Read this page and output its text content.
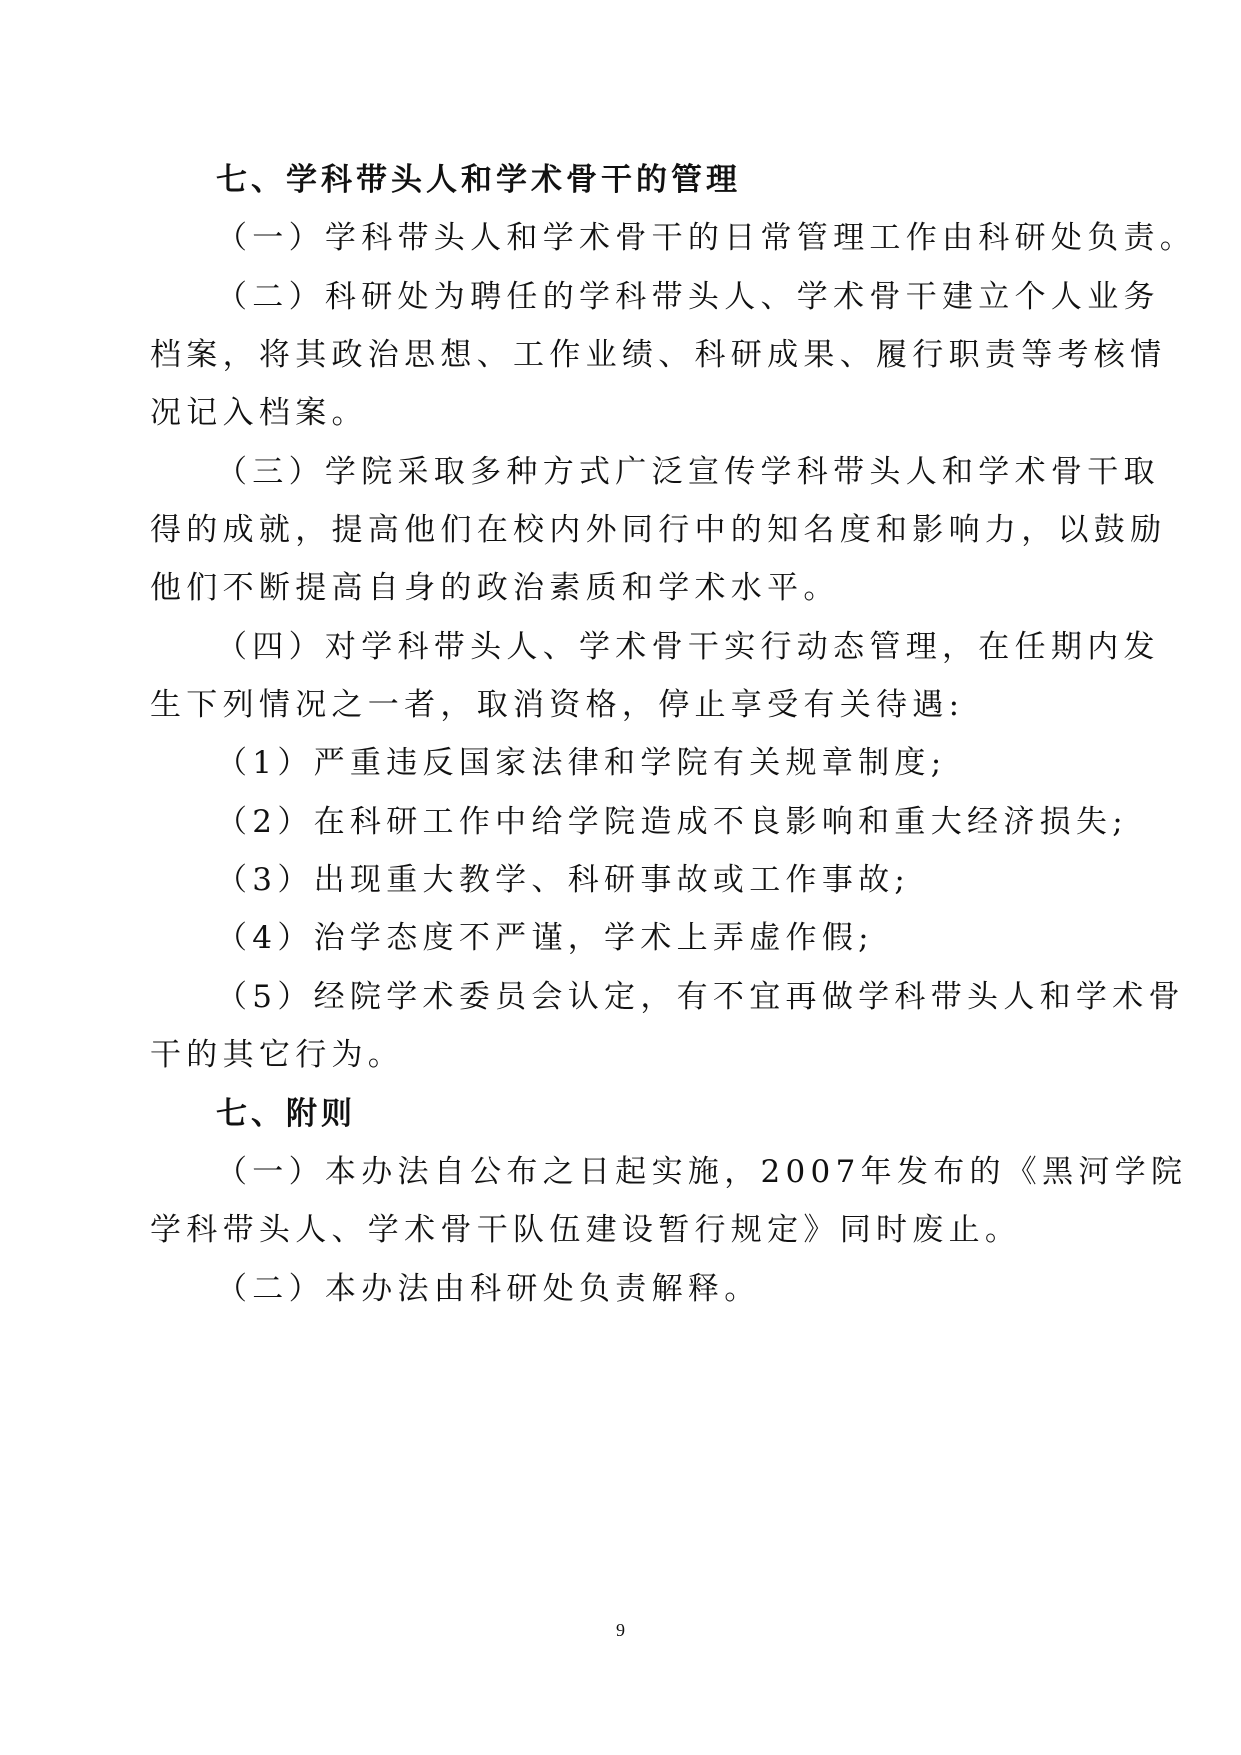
七、学科带头人和学术骨干的管理
（一）学科带头人和学术骨干的日常管理工作由科研处负责。
（二）科研处为聘任的学科带头人、学术骨干建立个人业务
档案，将其政治思想、工作业绩、科研成果、履行职责等考核情
况记入档案。
（三）学院采取多种方式广泛宣传学科带头人和学术骨干取
得的成就，提高他们在校内外同行中的知名度和影响力，以鼓励
他们不断提高自身的政治素质和学术水平。
（四）对学科带头人、学术骨干实行动态管理，在任期内发
生下列情况之一者，取消资格，停止享受有关待遇:
（1）严重违反国家法律和学院有关规章制度;
（2）在科研工作中给学院造成不良影响和重大经济损失;
（3）出现重大教学、科研事故或工作事故;
（4）治学态度不严谨，学术上弄虚作假;
（5）经院学术委员会认定，有不宜再做学科带头人和学术骨
干的其它行为。
七、附则
（一）本办法自公布之日起实施，2007年发布的《黑河学院
学科带头人、学术骨干队伍建设暂行规定》同时废止。
（二）本办法由科研处负责解释。
9
